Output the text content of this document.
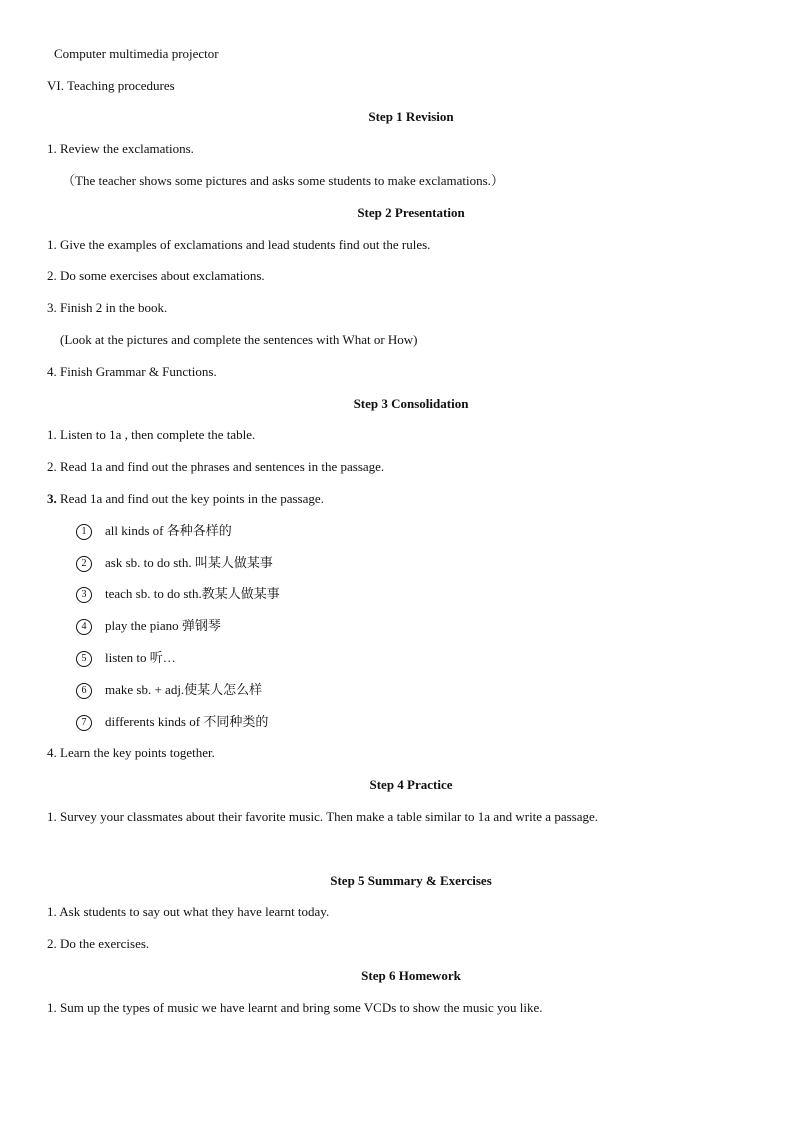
Computer multimedia projector
VI. Teaching procedures
Step 1 Revision
1. Review the exclamations.
（The teacher shows some pictures and asks some students to make exclamations.）
Step 2 Presentation
1. Give the examples of exclamations and lead students find out the rules.
2. Do some exercises about exclamations.
3. Finish 2 in the book.
(Look at the pictures and complete the sentences with What or How)
4. Finish Grammar & Functions.
Step 3 Consolidation
1. Listen to 1a , then complete the table.
2. Read 1a and find out the phrases and sentences in the passage.
3. Read 1a and find out the key points in the passage.
1 all kinds of 各种各样的
2 ask sb. to do sth. 叫某人做某事
3 teach sb. to do sth.教某人做某事
4 play the piano 弹钢琴
5 listen to 听…
6 make sb. + adj.使某人怎么样
7 differents kinds of 不同种类的
4. Learn the key points together.
Step 4 Practice
1. Survey your classmates about their favorite music. Then make a table similar to 1a and write a passage.
Step 5 Summary & Exercises
1. Ask students to say out what they have learnt today.
2. Do the exercises.
Step 6 Homework
1. Sum up the types of music we have learnt and bring some VCDs to show the music you like.
